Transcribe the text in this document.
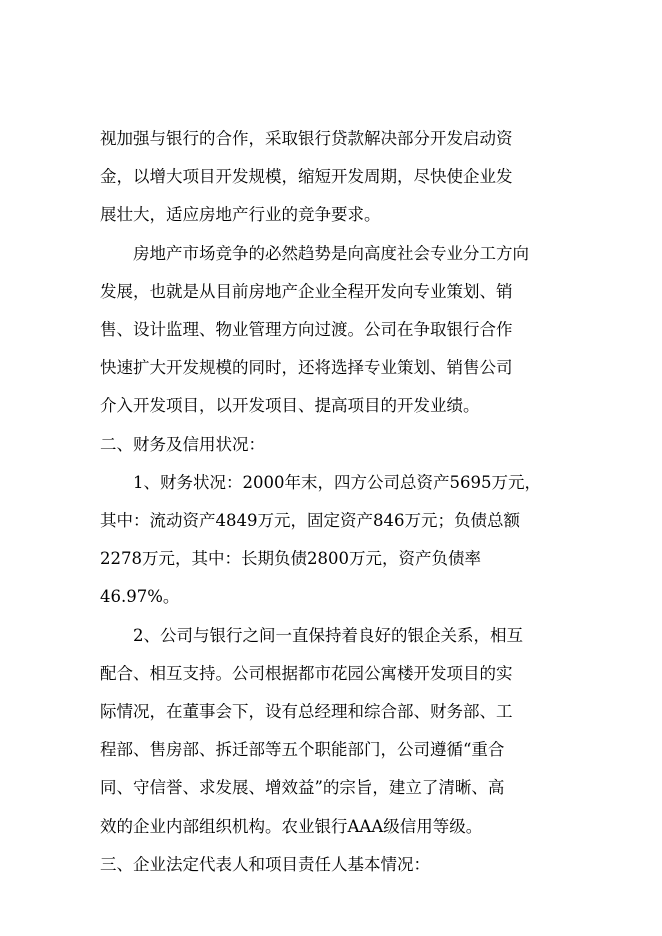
视加强与银行的合作，采取银行贷款解决部分开发启动资
金，以增大项目开发规模，缩短开发周期，尽快使企业发
展壮大，适应房地产行业的竞争要求。
房地产市场竞争的必然趋势是向高度社会专业分工方向
发展，也就是从目前房地产企业全程开发向专业策划、销
售、设计监理、物业管理方向过渡。公司在争取银行合作
快速扩大开发规模的同时，还将选择专业策划、销售公司
介入开发项目，以开发项目、提高项目的开发业绩。
二、财务及信用状况：
1、财务状况：2000年末，四方公司总资产5695万元，
其中：流动资产4849万元，固定资产846万元；负债总额
2278万元，其中：长期负债2800万元，资产负债率
46.97%。
2、公司与银行之间一直保持着良好的银企关系，相互
配合、相互支持。公司根据都市花园公寓楼开发项目的实
际情况，在董事会下，设有总经理和综合部、财务部、工
程部、售房部、拆迁部等五个职能部门，公司遵循“重合
同、守信誉、求发展、增效益”的宗旨，建立了清晰、高
效的企业内部组织机构。农业银行AAA级信用等级。
三、企业法定代表人和项目责任人基本情况：
